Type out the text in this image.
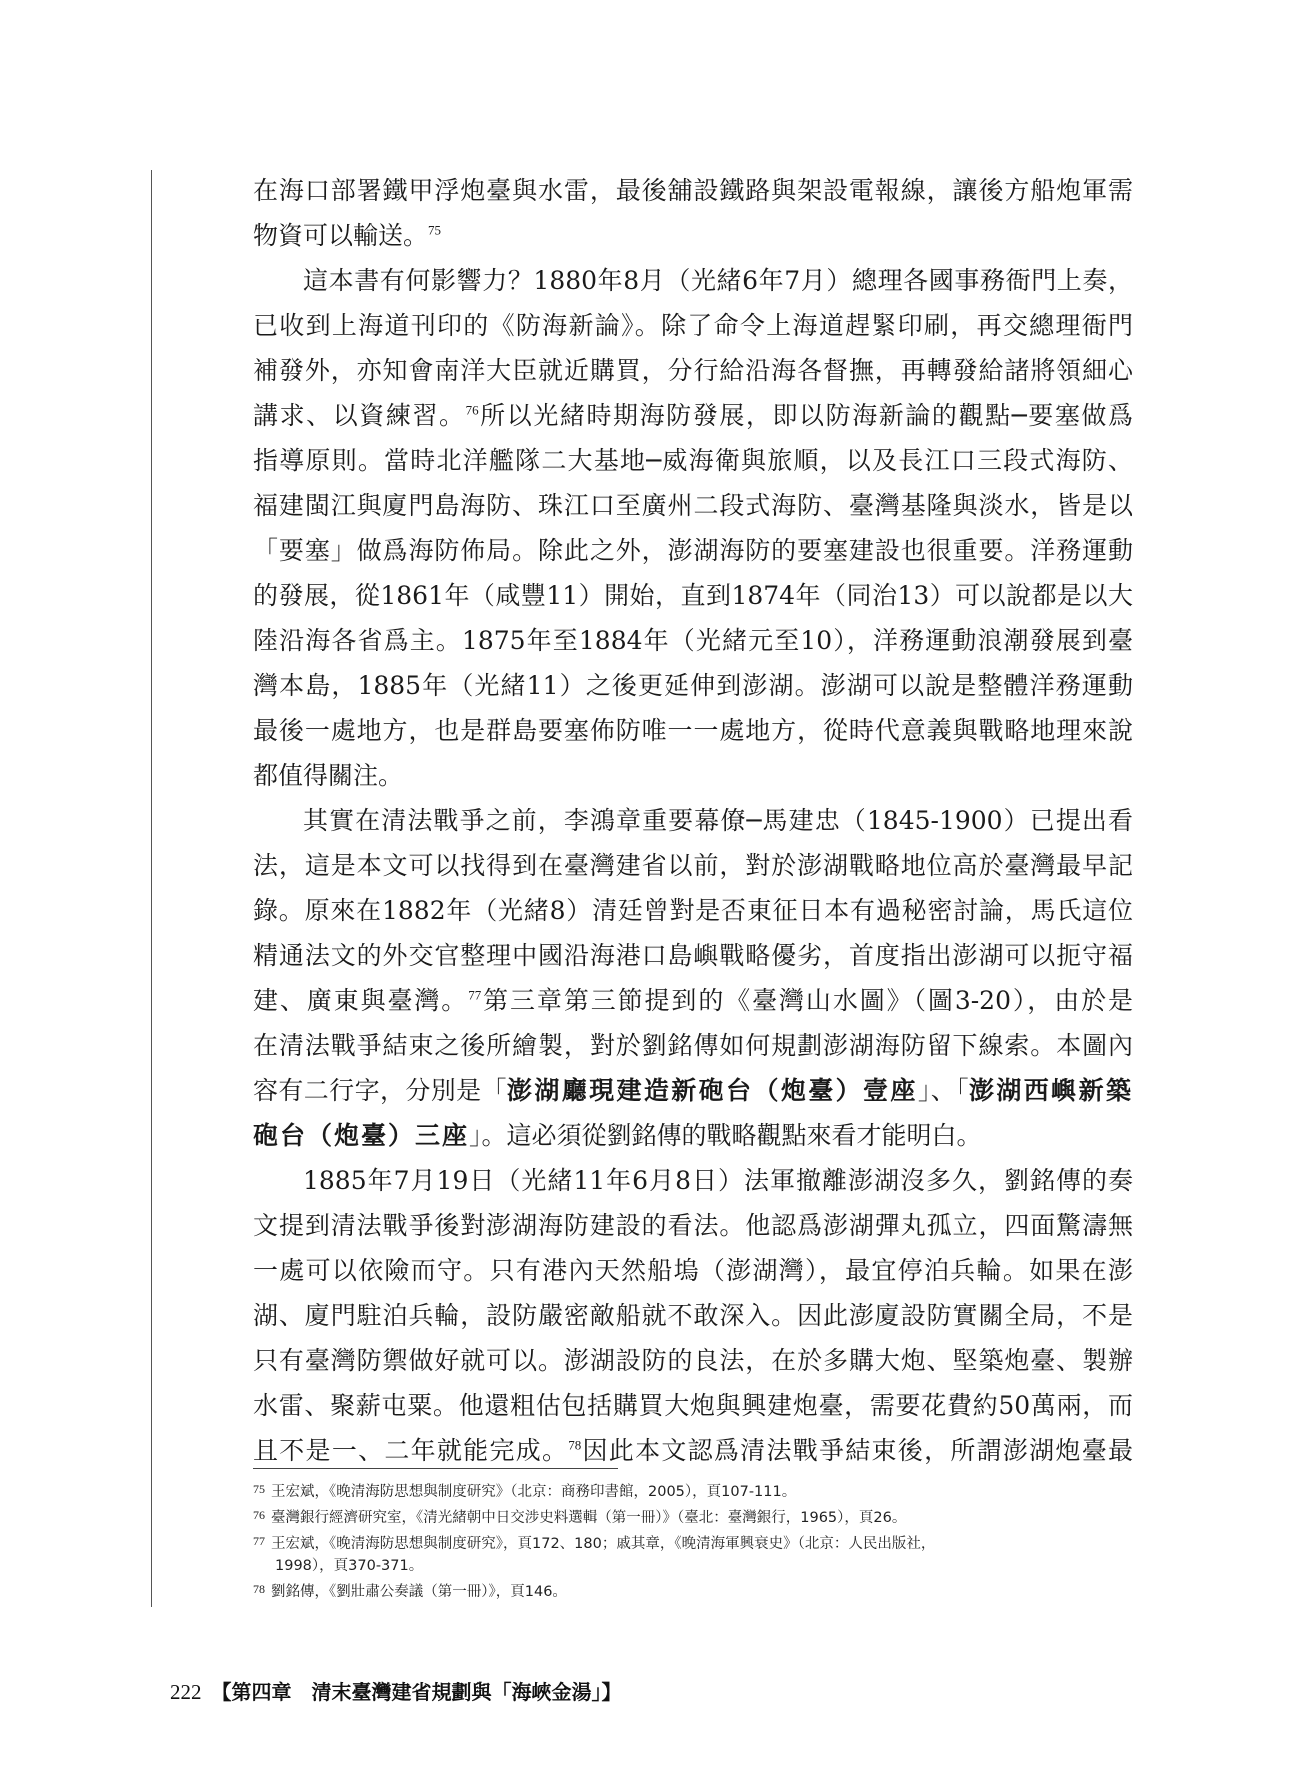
在海口部署鐵甲浮炮臺與水雷，最後舖設鐵路與架設電報線，讓後方船炮軍需
物資可以輸送。$^{75}$
這本書有何影響力？1880年8月（光緒6年7月）總理各國事務衙門上奏，
已收到上海道刊印的《防海新論》。除了命令上海道趕緊印刷，再交總理衙門
補發外，亦知會南洋大臣就近購買，分行給沿海各督撫，再轉發給諸將領細心
講求、以資練習。$^{76}$所以光緒時期海防發展，即以防海新論的觀點─要塞做爲
指導原則。當時北洋艦隊二大基地─威海衛與旅順，以及長江口三段式海防、
福建閩江與廈門島海防、珠江口至廣州二段式海防、臺灣基隆與淡水，皆是以
「要塞」做爲海防佈局。除此之外，澎湖海防的要塞建設也很重要。洋務運動
的發展，從1861年（咸豐11）開始，直到1874年（同治13）可以說都是以大
陸沿海各省爲主。1875年至1884年（光緒元至10），洋務運動浪潮發展到臺
灣本島，1885年（光緒11）之後更延伸到澎湖。澎湖可以說是整體洋務運動
最後一處地方，也是群島要塞佈防唯一一處地方，從時代意義與戰略地理來說
都值得關注。
其實在清法戰爭之前，李鴻章重要幕僚─馬建忠（1845-1900）已提出看
法，這是本文可以找得到在臺灣建省以前，對於澎湖戰略地位高於臺灣最早記
錄。原來在1882年（光緒8）清廷曾對是否東征日本有過秘密討論，馬氏這位
精通法文的外交官整理中國沿海港口島嶼戰略優劣，首度指出澎湖可以扼守福
建、廣東與臺灣。$^{77}$第三章第三節提到的《臺灣山水圖》（圖3-20），由於是
在清法戰爭結束之後所繪製，對於劉銘傳如何規劃澎湖海防留下線索。本圖內
容有二行字，分別是「澎湖廳現建造新砲台（炮臺）壹座」、「澎湖西嶼新築
砲台（炮臺）三座」。這必須從劉銘傳的戰略觀點來看才能明白。
1885年7月19日（光緒11年6月8日）法軍撤離澎湖沒多久，劉銘傳的奏
文提到清法戰爭後對澎湖海防建設的看法。他認爲澎湖彈丸孤立，四面驚濤無
一處可以依險而守。只有港內天然船塢（澎湖灣），最宜停泊兵輪。如果在澎
湖、廈門駐泊兵輪，設防嚴密敵船就不敢深入。因此澎廈設防實關全局，不是
只有臺灣防禦做好就可以。澎湖設防的良法，在於多購大炮、堅築炮臺、製辦
水雷、聚薪屯粟。他還粗估包括購買大炮與興建炮臺，需要花費約50萬兩，而
且不是一、二年就能完成。$^{78}$因此本文認爲清法戰爭結束後，所謂澎湖炮臺最

$^{75}$ 王宏斌，《晚清海防思想與制度研究》（北京：商務印書館，2005），頁107-111。

$^{76}$ 臺灣銀行經濟研究室，《清光緒朝中日交涉史料選輯（第一冊）》（臺北：臺灣銀行，1965），頁26。

$^{77}$ 王宏斌，《晚清海防思想與制度研究》，頁172、180；戚其章，《晚清海軍興衰史》（北京：人民出版社，
1998），頁370-371。

$^{78}$ 劉銘傳，《劉壯肅公奏議（第一冊）》，頁146。

222 【第四章　清末臺灣建省規劃與「海峽金湯」】
